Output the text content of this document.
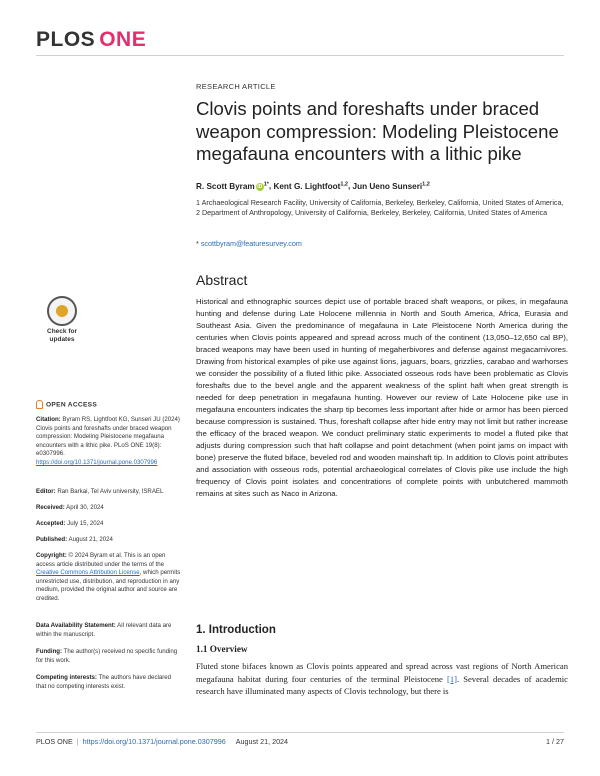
PLOS ONE
RESEARCH ARTICLE
Clovis points and foreshafts under braced weapon compression: Modeling Pleistocene megafauna encounters with a lithic pike
R. Scott Byram iD $^{1*}$, Kent G. Lightfoot$^{1,2}$, Jun Ueno Sunseri$^{1,2}$

1 Archaeological Research Facility, University of California, Berkeley, Berkeley, California, United States of America, 2 Department of Anthropology, University of California, Berkeley, Berkeley, California, United States of America

* scottbyram@featuresurvey.com
Abstract

Historical and ethnographic sources depict use of portable braced shaft weapons, or pikes, in megafauna hunting and defense during Late Holocene millennia in North and South America, Africa, Eurasia and Southeast Asia. Given the predominance of megafauna in Late Pleistocene North America during the centuries when Clovis points appeared and spread across much of the continent (13,050–12,650 cal BP), braced weapons may have been used in hunting of megaherbivores and defense against megacarnivores. Drawing from historical examples of pike use against lions, jaguars, boars, grizzlies, carabao and warhorses we consider the possibility of a fluted lithic pike. Associated osseous rods have been problematic as Clovis foreshafts due to the bevel angle and the apparent weakness of the splint haft when great strength is needed for deep penetration in megafauna hunting. However our review of Late Holocene pike use in megafauna encounters indicates the sharp tip becomes less important after hide or armor has been pierced because compression is sustained. Thus, foreshaft collapse after hide entry may not limit but rather increase the efficacy of the braced weapon. We conduct preliminary static experiments to model a fluted pike that adjusts during compression such that haft collapse and point detachment (when point jams on impact with bone) preserve the fluted biface, beveled rod and wooden mainshaft tip. In addition to Clovis point attributes and association with osseous rods, potential archaeological correlates of Clovis pike use include the high frequency of Clovis point isolates and concentrations of complete points with unbutchered mammoth remains at sites such as Naco in Arizona.

1. Introduction
1.1 Overview

Fluted stone bifaces known as Clovis points appeared and spread across vast regions of North American megafauna habitat during four centuries of the terminal Pleistocene [1]. Several decades of academic research have illuminated many aspects of Clovis technology, but there is

Check for
updates
OPEN ACCESS
Citation: Byram RS, Lightfoot KG, Sunseri JU (2024) Clovis points and foreshafts under braced weapon compression: Modeling Pleistocene megafauna encounters with a lithic pike. PLoS ONE 19(8): e0307996. https://doi.org/10.1371/journal.pone.0307996
Editor: Ran Barkai, Tel Aviv university, ISRAEL
Received: April 30, 2024
Accepted: July 15, 2024
Published: August 21, 2024
Copyright: © 2024 Byram et al. This is an open access article distributed under the terms of the Creative Commons Attribution License, which permits unrestricted use, distribution, and reproduction in any medium, provided the original author and source are credited.
Data Availability Statement: All relevant data are within the manuscript.
Funding: The author(s) received no specific funding for this work.
Competing interests: The authors have declared that no competing interests exist.
PLOS ONE | https://doi.org/10.1371/journal.pone.0307996 August 21, 2024	1 / 27
